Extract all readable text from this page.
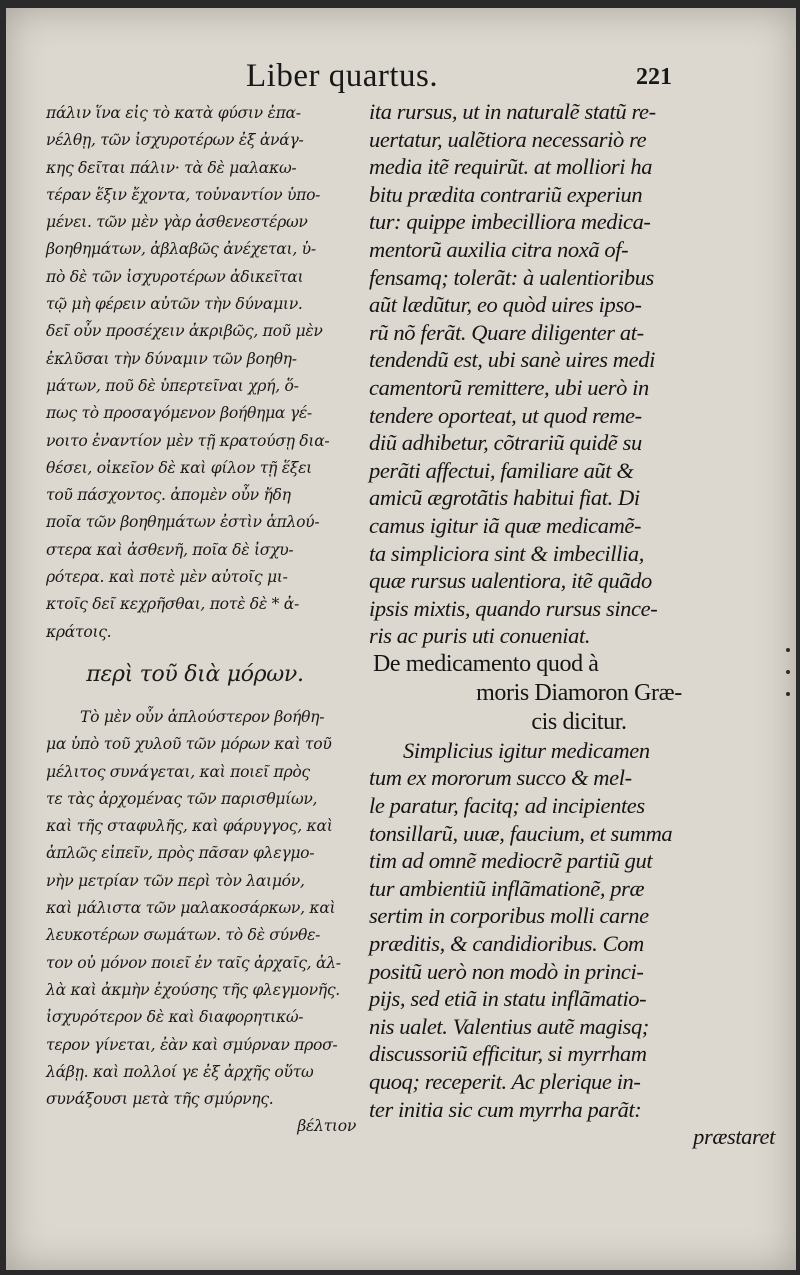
Liber quartus.	221
πάλιν ἵνα εἰς τὸ κατὰ φύσιν ἐπα-
νέλθῃ, τῶν ἰσχυροτέρων ἐξ ἀνάγ-
κης δεῖται πάλιν· τὰ δὲ μαλακω-
τέραν ἕξιν ἔχοντα, τοὐναντίον ὑπο-
μένει. τῶν μὲν γὰρ ἀσθενεστέρων
βοηθημάτων, ἀβλαβῶς ἀνέχεται, ὑ-
πὸ δὲ τῶν ἰσχυροτέρων ἀδικεῖται
τῷ μὴ φέρειν αὐτῶν τὴν δύναμιν.
δεῖ οὖν προσέχειν ἀκριβῶς, ποῦ μὲν
ἐκλῦσαι τὴν δύναμιν τῶν βοηθη-
μάτων, ποῦ δὲ ὑπερτεῖναι χρή, ὅ-
πως τὸ προσαγόμενον βοήθημα γέ-
νοιτο ἐναντίον μὲν τῇ κρατούσῃ δια-
θέσει, οἰκεῖον δὲ καὶ φίλον τῇ ἕξει
τοῦ πάσχοντος. ἀπομὲν οὖν ἤδη
ποῖα τῶν βοηθημάτων ἐστὶν ἁπλού-
στερα καὶ ἀσθενῆ, ποῖα δὲ ἰσχυ-
ρότερα. καὶ ποτὲ μὲν αὐτοῖς μι-
κτοῖς δεῖ κεχρῆσθαι, ποτὲ δὲ * ἀ-
κράτοις.
περὶ τοῦ διὰ μόρων.
Τὸ μὲν οὖν ἁπλούστερον βοήθη-
μα ὑπὸ τοῦ χυλοῦ τῶν μόρων καὶ τοῦ
μέλιτος συνάγεται, καὶ ποιεῖ πρὸς
τε τὰς ἀρχομένας τῶν παρισθμίων,
καὶ τῆς σταφυλῆς, καὶ φάρυγγος, καὶ
ἁπλῶς εἰπεῖν, πρὸς πᾶσαν φλεγμο-
νὴν μετρίαν τῶν περὶ τὸν λαιμόν,
καὶ μάλιστα τῶν μαλακοσάρκων, καὶ
λευκοτέρων σωμάτων. τὸ δὲ σύνθε-
τον οὐ μόνον ποιεῖ ἐν ταῖς ἀρχαῖς, ἀλ-
λὰ καὶ ἀκμὴν ἐχούσης τῆς φλεγμονῆς.
ἰσχυρότερον δὲ καὶ διαφορητικώ-
τερον γίνεται, ἐὰν καὶ σμύρναν προσ-
λάβῃ. καὶ πολλοί γε ἐξ ἀρχῆς οὕτω
συνάξουσι μετὰ τῆς σμύρνης.
βέλτιον
ita rursus, ut in naturalẽ statũ re-
uertatur, ualẽtiora necessariò re
media itẽ requirũt. at molliori ha
bitu prædita contrariũ experiun
tur: quippe imbecilliora medica-
mentorũ auxilia citra noxã of-
fensamq; tolerãt: à ualentioribus
aũt lædũtur, eo quòd uires ipso-
rũ nõ ferãt. Quare diligenter at-
tendendũ est, ubi sanè uires medi
camentorũ remittere, ubi uerò in
tendere oporteat, ut quod reme-
diũ adhibetur, cõtrariũ quidẽ su
perãti affectui, familiare aũt &
amicũ ægrotãtis habitui fiat. Di
camus igitur iã quæ medicamẽ-
ta simpliciora sint & imbecillia,
quæ rursus ualentiora, itẽ quãdo
ipsis mixtis, quando rursus since-
ris ac puris uti conueniat.
De medicamento quod à
moris Diamoron Græ-
cis dicitur.
Simplicius igitur medicamen
tum ex mororum succo & mel-
le paratur, facitq; ad incipientes
tonsillarũ, uuæ, faucium, et summa
tim ad omnẽ mediocrẽ partiũ gut
tur ambientiũ inflãmationẽ, præ
sertim in corporibus molli carne
præditis, & candidioribus. Com
positũ uerò non modò in princi-
pijs, sed etiã in statu inflãmatio-
nis ualet. Valentius autẽ magisq;
discussoriũ efficitur, si myrrham
quoq; receperit. Ac plerique in-
ter initia sic cum myrrha parãt:
præstaret
